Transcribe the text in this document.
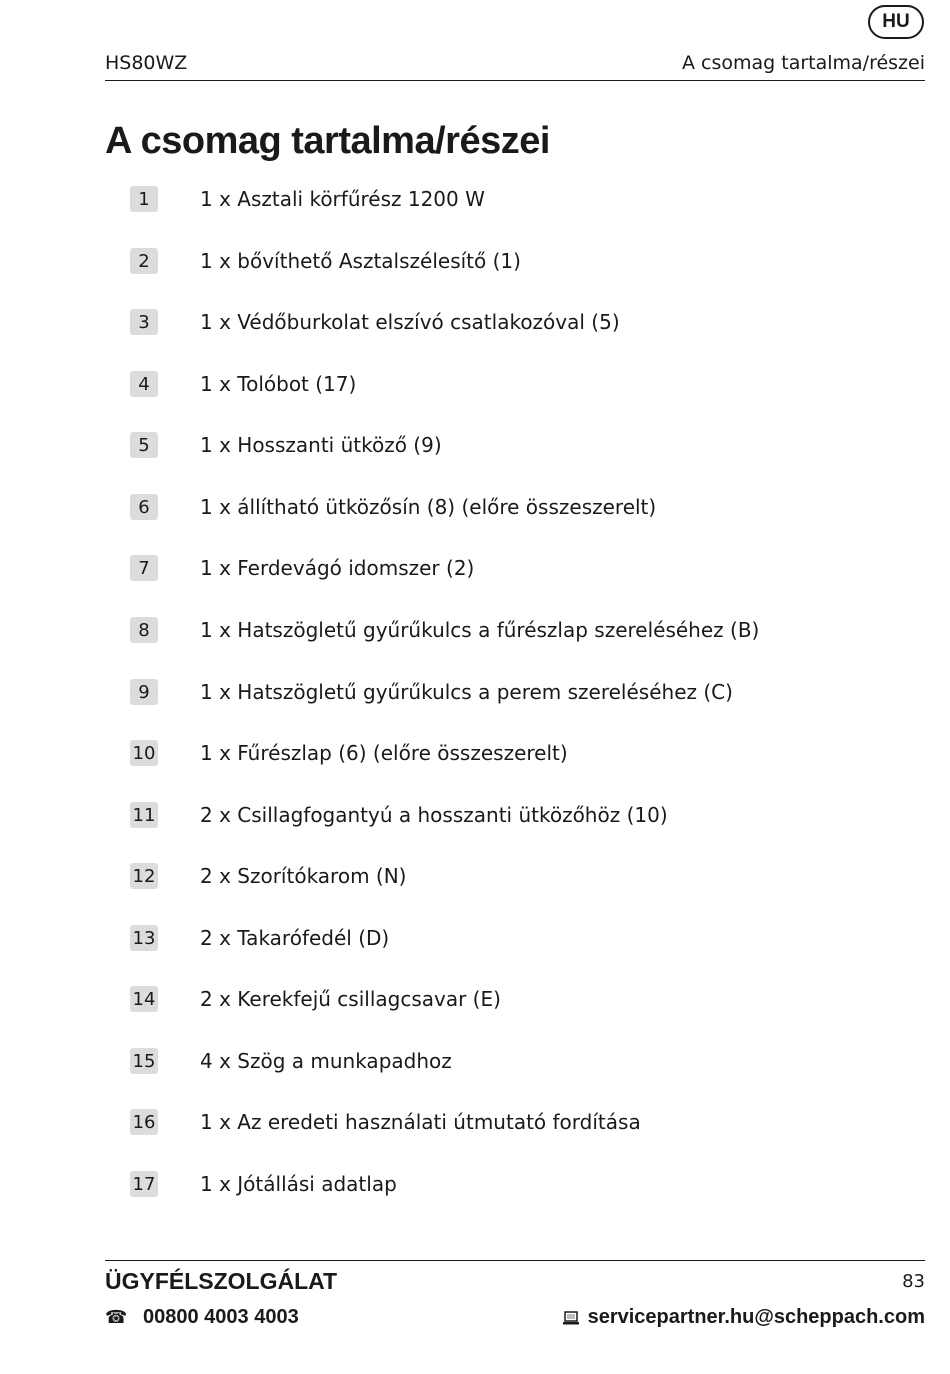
HU
HS80WZ	A csomag tartalma/részei
A csomag tartalma/részei
1	1 x Asztali körfűrész 1200 W
2	1 x bővíthető Asztalszélesítő (1)
3	1 x Védőburkolat elszívó csatlakozóval (5)
4	1 x Tolóbot (17)
5	1 x Hosszanti ütköző (9)
6	1 x állítható ütközősín (8) (előre összeszerelt)
7	1 x Ferdevágó idomszer (2)
8	1 x Hatszögletű gyűrűkulcs a fűrészlap szereléséhez (B)
9	1 x Hatszögletű gyűrűkulcs a perem szereléséhez (C)
10 1 x Fűrészlap (6) (előre összeszerelt)
11 2 x Csillagfogantyú a hosszanti ütközőhöz (10)
12 2 x Szorítókarom (N)
13 2 x Takarófedél (D)
14 2 x Kerekfejű csillagcsavar (E)
15 4 x Szög a munkapadhoz
16 1 x Az eredeti használati útmutató fordítása
17 1 x Jótállási adatlap
ÜGYFÉLSZOLGÁLAT	83
☎ 00800 4003 4003	servicepartner.hu@scheppach.com
